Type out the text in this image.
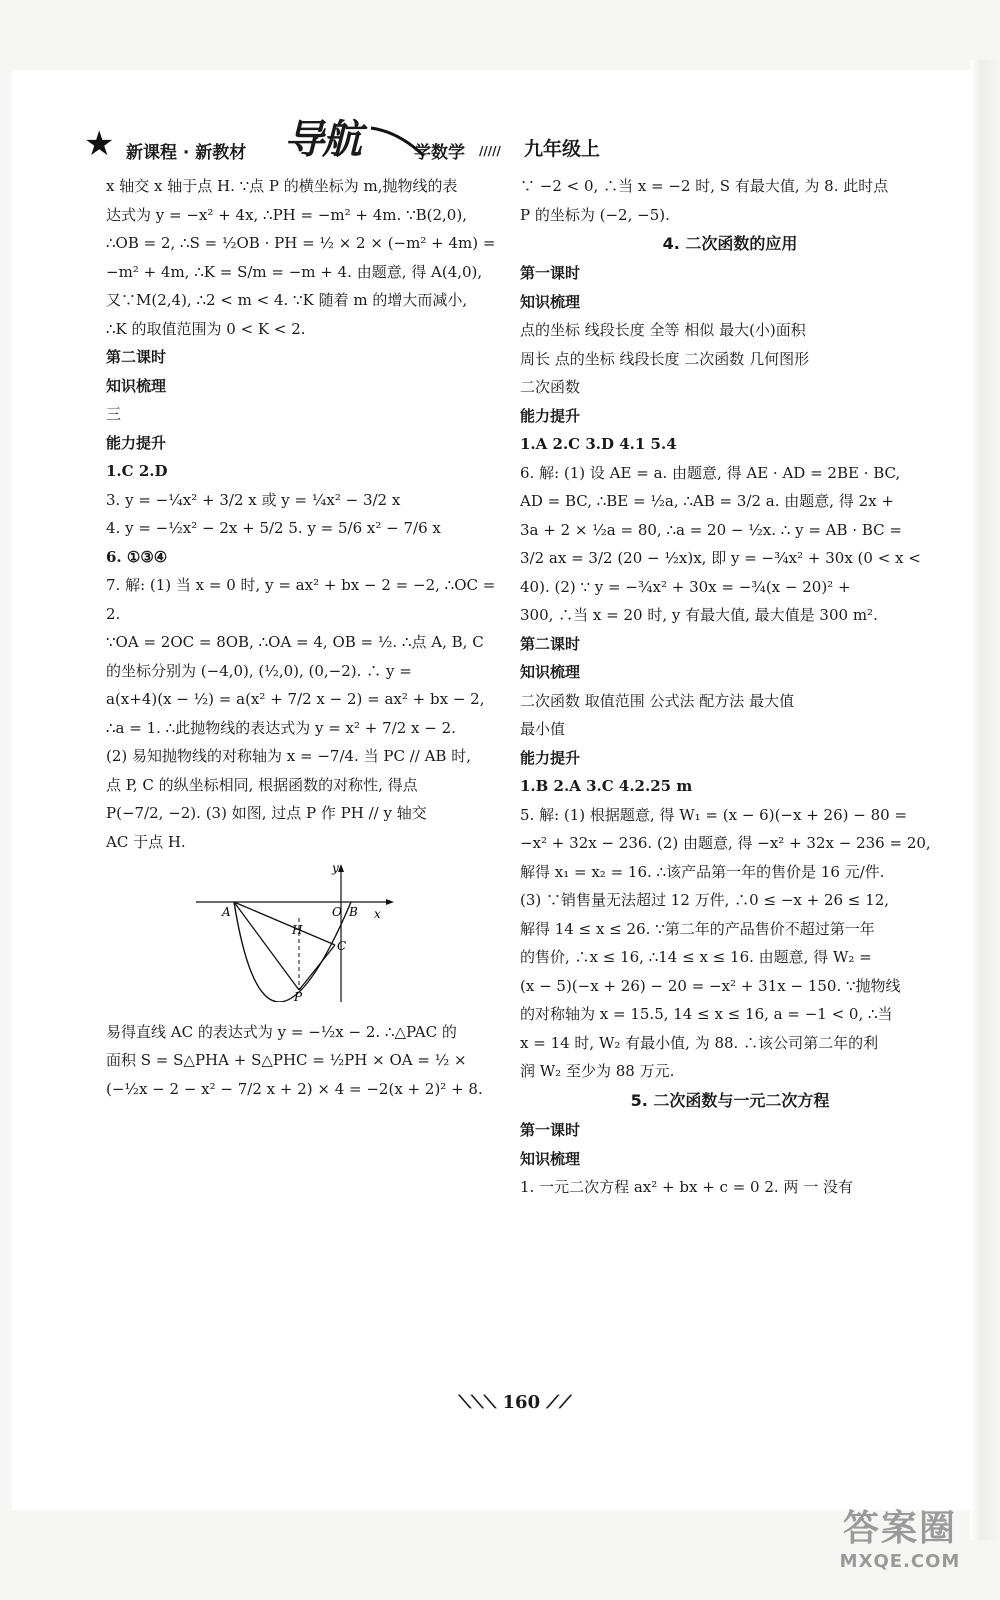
★ 新课程 · 新教材 导航	学数学 ///// 九年级上

x 轴交 x 轴于点 H. ∵点 P 的横坐标为 m,抛物线的表

达式为 y = −x² + 4x, ∴PH = −m² + 4m. ∵B(2,0),

∴OB = 2, ∴S = ½OB · PH = ½ × 2 × (−m² + 4m) =

−m² + 4m, ∴K = S/m = −m + 4. 由题意, 得 A(4,0),

又∵M(2,4), ∴2 < m < 4. ∵K 随着 m 的增大而减小,

∴K 的取值范围为 0 < K < 2.

第二课时

知识梳理

三

能力提升

1.C 2.D

3. y = −¼x² + 3/2 x 或 y = ¼x² − 3/2 x

4. y = −½x² − 2x + 5/2 5. y = 5/6 x² − 7/6 x

6. ①③④

7. 解: (1) 当 x = 0 时, y = ax² + bx − 2 = −2, ∴OC = 2.

∵OA = 2OC = 8OB, ∴OA = 4, OB = ½. ∴点 A, B, C

的坐标分别为 (−4,0), (½,0), (0,−2). ∴ y =

a(x+4)(x − ½) = a(x² + 7/2 x − 2) = ax² + bx − 2,

∴a = 1. ∴此抛物线的表达式为 y = x² + 7/2 x − 2.

(2) 易知抛物线的对称轴为 x = −7/4. 当 PC // AB 时,

点 P, C 的纵坐标相同, 根据函数的对称性, 得点

P(−7/2, −2). (3) 如图, 过点 P 作 PH // y 轴交

AC 于点 H.

y
A
H
O B x
C
P

易得直线 AC 的表达式为 y = −½x − 2. ∴△PAC 的

面积 S = S△PHA + S△PHC = ½PH × OA = ½ ×

(−½x − 2 − x² − 7/2 x + 2) × 4 = −2(x + 2)² + 8.

∵ −2 < 0, ∴当 x = −2 时, S 有最大值, 为 8. 此时点

P 的坐标为 (−2, −5).

4. 二次函数的应用

第一课时

知识梳理

点的坐标 线段长度 全等 相似 最大(小)面积

周长 点的坐标 线段长度 二次函数 几何图形

二次函数

能力提升

1.A 2.C 3.D 4.1 5.4

6. 解: (1) 设 AE = a. 由题意, 得 AE · AD = 2BE · BC,

AD = BC, ∴BE = ½a, ∴AB = 3/2 a. 由题意, 得 2x +

3a + 2 × ½a = 80, ∴a = 20 − ½x. ∴ y = AB · BC =

3/2 ax = 3/2 (20 − ½x)x, 即 y = −¾x² + 30x (0 < x <

40). (2) ∵ y = −¾x² + 30x = −¾(x − 20)² +

300, ∴当 x = 20 时, y 有最大值, 最大值是 300 m².

第二课时

知识梳理

二次函数 取值范围 公式法 配方法 最大值

最小值

能力提升

1.B 2.A 3.C 4.2.25 m

5. 解: (1) 根据题意, 得 W₁ = (x − 6)(−x + 26) − 80 =

−x² + 32x − 236. (2) 由题意, 得 −x² + 32x − 236 = 20,

解得 x₁ = x₂ = 16. ∴该产品第一年的售价是 16 元/件.

(3) ∵销售量无法超过 12 万件, ∴0 ≤ −x + 26 ≤ 12,

解得 14 ≤ x ≤ 26. ∵第二年的产品售价不超过第一年

的售价, ∴x ≤ 16, ∴14 ≤ x ≤ 16. 由题意, 得 W₂ =

(x − 5)(−x + 26) − 20 = −x² + 31x − 150. ∵抛物线

的对称轴为 x = 15.5, 14 ≤ x ≤ 16, a = −1 < 0, ∴当

x = 14 时, W₂ 有最小值, 为 88. ∴该公司第二年的利

润 W₂ 至少为 88 万元.

5. 二次函数与一元二次方程

第一课时

知识梳理

1. 一元二次方程 ax² + bx + c = 0 2. 两 一 没有

⟍⟍⟍ 160 ⟋⟋
答案圈
MXQE.COM
